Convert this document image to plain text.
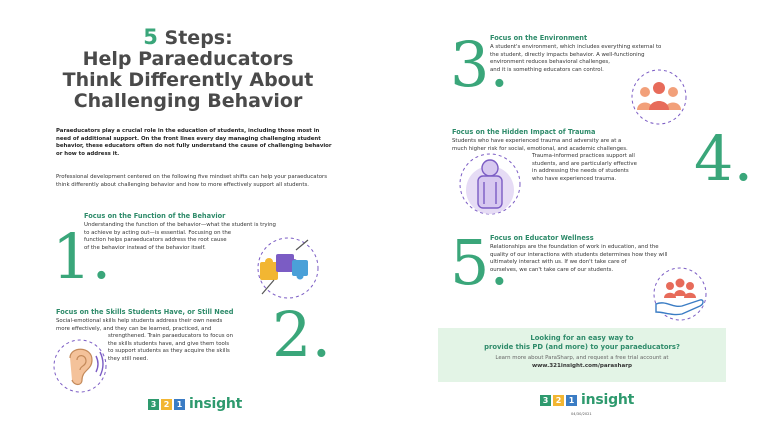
5 Steps:
Help Paraeducators
Think Differently About
Challenging Behavior

Paraeducators play a crucial role in the education of students, including those most in need of additional support. On the front lines every day managing challenging student behavior, these educators often do not fully understand the cause of challenging behavior or how to address it.

Professional development centered on the following five mindset shifts can help your paraeducators think differently about challenging behavior and how to more effectively support all students.

1.
Focus on the Function of the Behavior
Understanding the function of the behavior—what the student is trying
to achieve by acting out—is essential. Focusing on the
function helps paraeducators address the root cause
of the behavior instead of the behavior itself.
Focus on the Skills Students Have, or Still Need
Social-emotional skills help students address their own needs
more effectively, and they can be learned, practiced, and
strengthened. Train paraeducators to focus on
the skills students have, and give them tools
to support students as they acquire the skills
they still need.	2.
3 2 1 insight
3.
Focus on the Environment
A student's environment, which includes everything external to
the student, directly impacts behavior. A well-functioning
environment reduces behavioral challenges,
and it is something educators can control.
Focus on the Hidden Impact of Trauma
Students who have experienced trauma and adversity are at a
much higher risk for social, emotional, and academic challenges.
Trauma-informed practices support all
students, and are particularly effective
in addressing the needs of students
who have experienced trauma.	4.
5.
Focus on Educator Wellness
Relationships are the foundation of work in education, and the
quality of our interactions with students determines how they will
ultimately interact with us. If we don't take care of
ourselves, we can't take care of our students.
Looking for an easy way to
provide this PD (and more) to your paraeducators?
Learn more about ParaSharp, and request a free trial account at
www.321insight.com/parasharp
3 2 1 insight
04/30/2021
